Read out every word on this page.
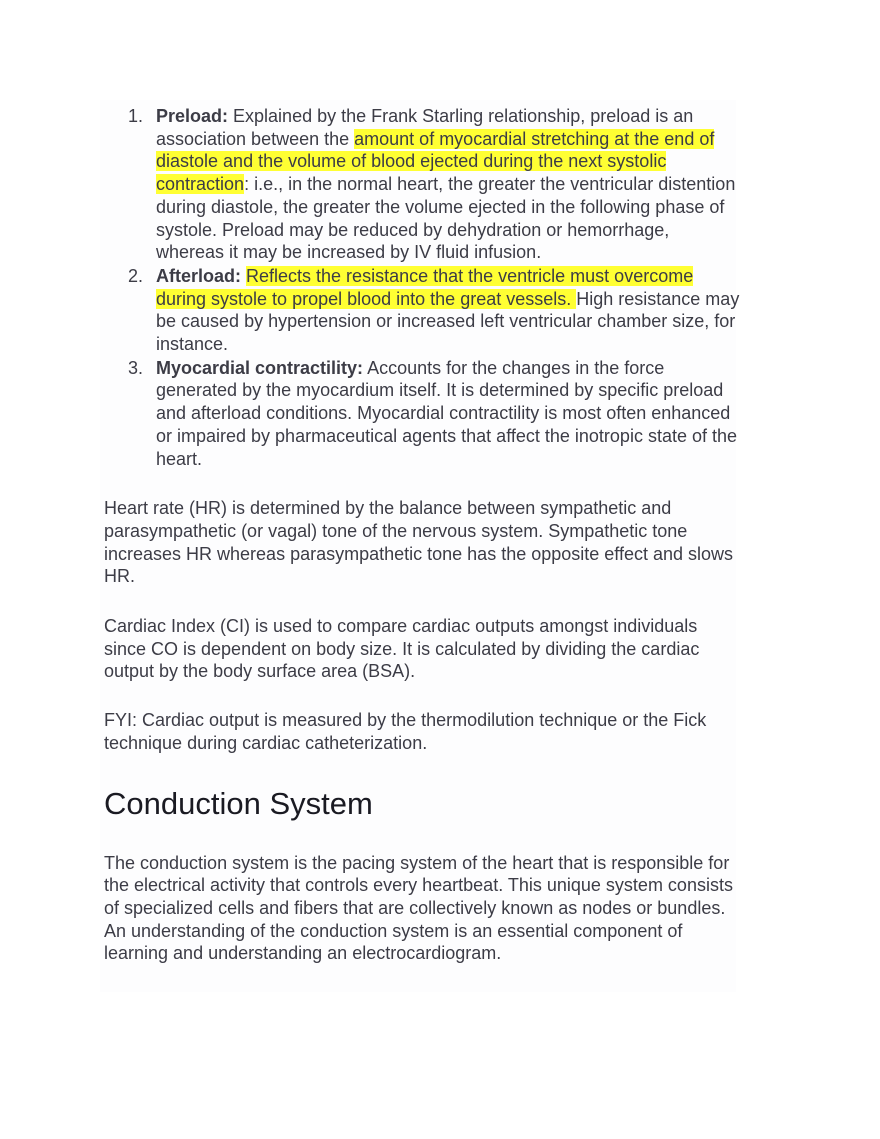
1. Preload: Explained by the Frank Starling relationship, preload is an association between the amount of myocardial stretching at the end of diastole and the volume of blood ejected during the next systolic contraction: i.e., in the normal heart, the greater the ventricular distention during diastole, the greater the volume ejected in the following phase of systole. Preload may be reduced by dehydration or hemorrhage, whereas it may be increased by IV fluid infusion.
2. Afterload: Reflects the resistance that the ventricle must overcome during systole to propel blood into the great vessels. High resistance may be caused by hypertension or increased left ventricular chamber size, for instance.
3. Myocardial contractility: Accounts for the changes in the force generated by the myocardium itself. It is determined by specific preload and afterload conditions. Myocardial contractility is most often enhanced or impaired by pharmaceutical agents that affect the inotropic state of the heart.

Heart rate (HR) is determined by the balance between sympathetic and parasympathetic (or vagal) tone of the nervous system. Sympathetic tone increases HR whereas parasympathetic tone has the opposite effect and slows HR.

Cardiac Index (CI) is used to compare cardiac outputs amongst individuals since CO is dependent on body size. It is calculated by dividing the cardiac output by the body surface area (BSA).

FYI: Cardiac output is measured by the thermodilution technique or the Fick technique during cardiac catheterization.

Conduction System

The conduction system is the pacing system of the heart that is responsible for the electrical activity that controls every heartbeat. This unique system consists of specialized cells and fibers that are collectively known as nodes or bundles. An understanding of the conduction system is an essential component of learning and understanding an electrocardiogram.
